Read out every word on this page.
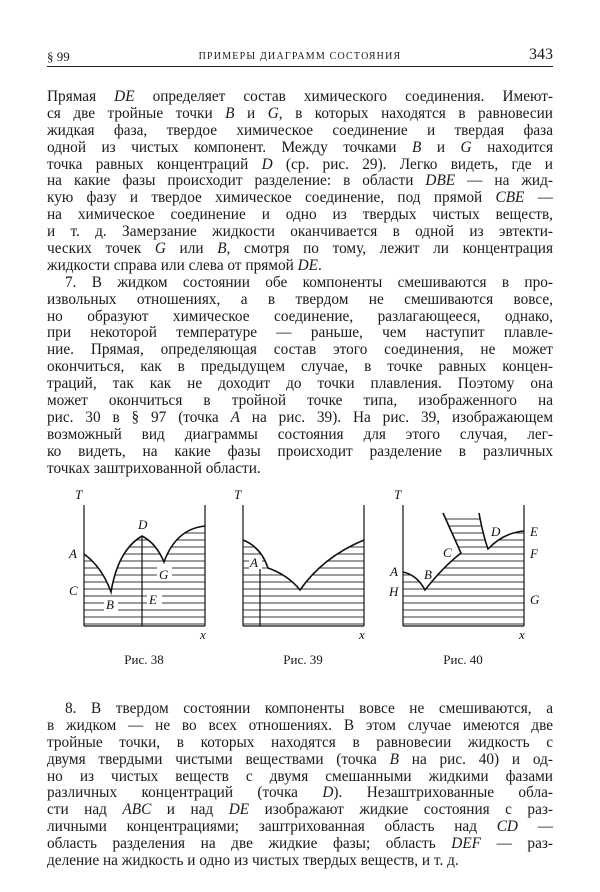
§ 99	ПРИМЕРЫ ДИАГРАММ СОСТОЯНИЯ	343
Прямая DE определяет состав химического соединения. Имеют-
ся две тройные точки B и G, в которых находятся в равновесии
жидкая фаза, твердое химическое соединение и твердая фаза
одной из чистых компонент. Между точками B и G находится
точка равных концентраций D (ср. рис. 29). Легко видеть, где и
на какие фазы происходит разделение: в области DBE — на жид-
кую фазу и твердое химическое соединение, под прямой CBE —
на химическое соединение и одно из твердых чистых веществ,
и т. д. Замерзание жидкости оканчивается в одной из эвтекти-
ческих точек G или B, смотря по тому, лежит ли концентрация
жидкости справа или слева от прямой DE.
7. В жидком состоянии обе компоненты смешиваются в про-
извольных отношениях, а в твердом не смешиваются вовсе,
но образуют химическое соединение, разлагающееся, однако,
при некоторой температуре — раньше, чем наступит плавле-
ние. Прямая, определяющая состав этого соединения, не может
окончиться, как в предыдущем случае, в точке равных концен-
траций, так как не доходит до точки плавления. Поэтому она
может окончиться в тройной точке типа, изображенного на
рис. 30 в § 97 (точка A на рис. 39). На рис. 39, изображающем
возможный вид диаграммы состояния для этого случая, лег-
ко видеть, на какие фазы происходит разделение в различных
точках заштрихованной области.
T
x
A
C
B
D
E
G
Рис. 38
T
x
A
Рис. 39
T
x
A
H
B
C
D E
F
G
Рис. 40
8. В твердом состоянии компоненты вовсе не смешиваются, а
в жидком — не во всех отношениях. В этом случае имеются две
тройные точки, в которых находятся в равновесии жидкость с
двумя твердыми чистыми веществами (точка B на рис. 40) и од-
но из чистых веществ с двумя смешанными жидкими фазами
различных концентраций (точка D). Незаштрихованные обла-
сти над ABC и над DE изображают жидкие состояния с раз-
личными концентрациями; заштрихованная область над CD —
область разделения на две жидкие фазы; область DEF — раз-
деление на жидкость и одно из чистых твердых веществ, и т. д.
